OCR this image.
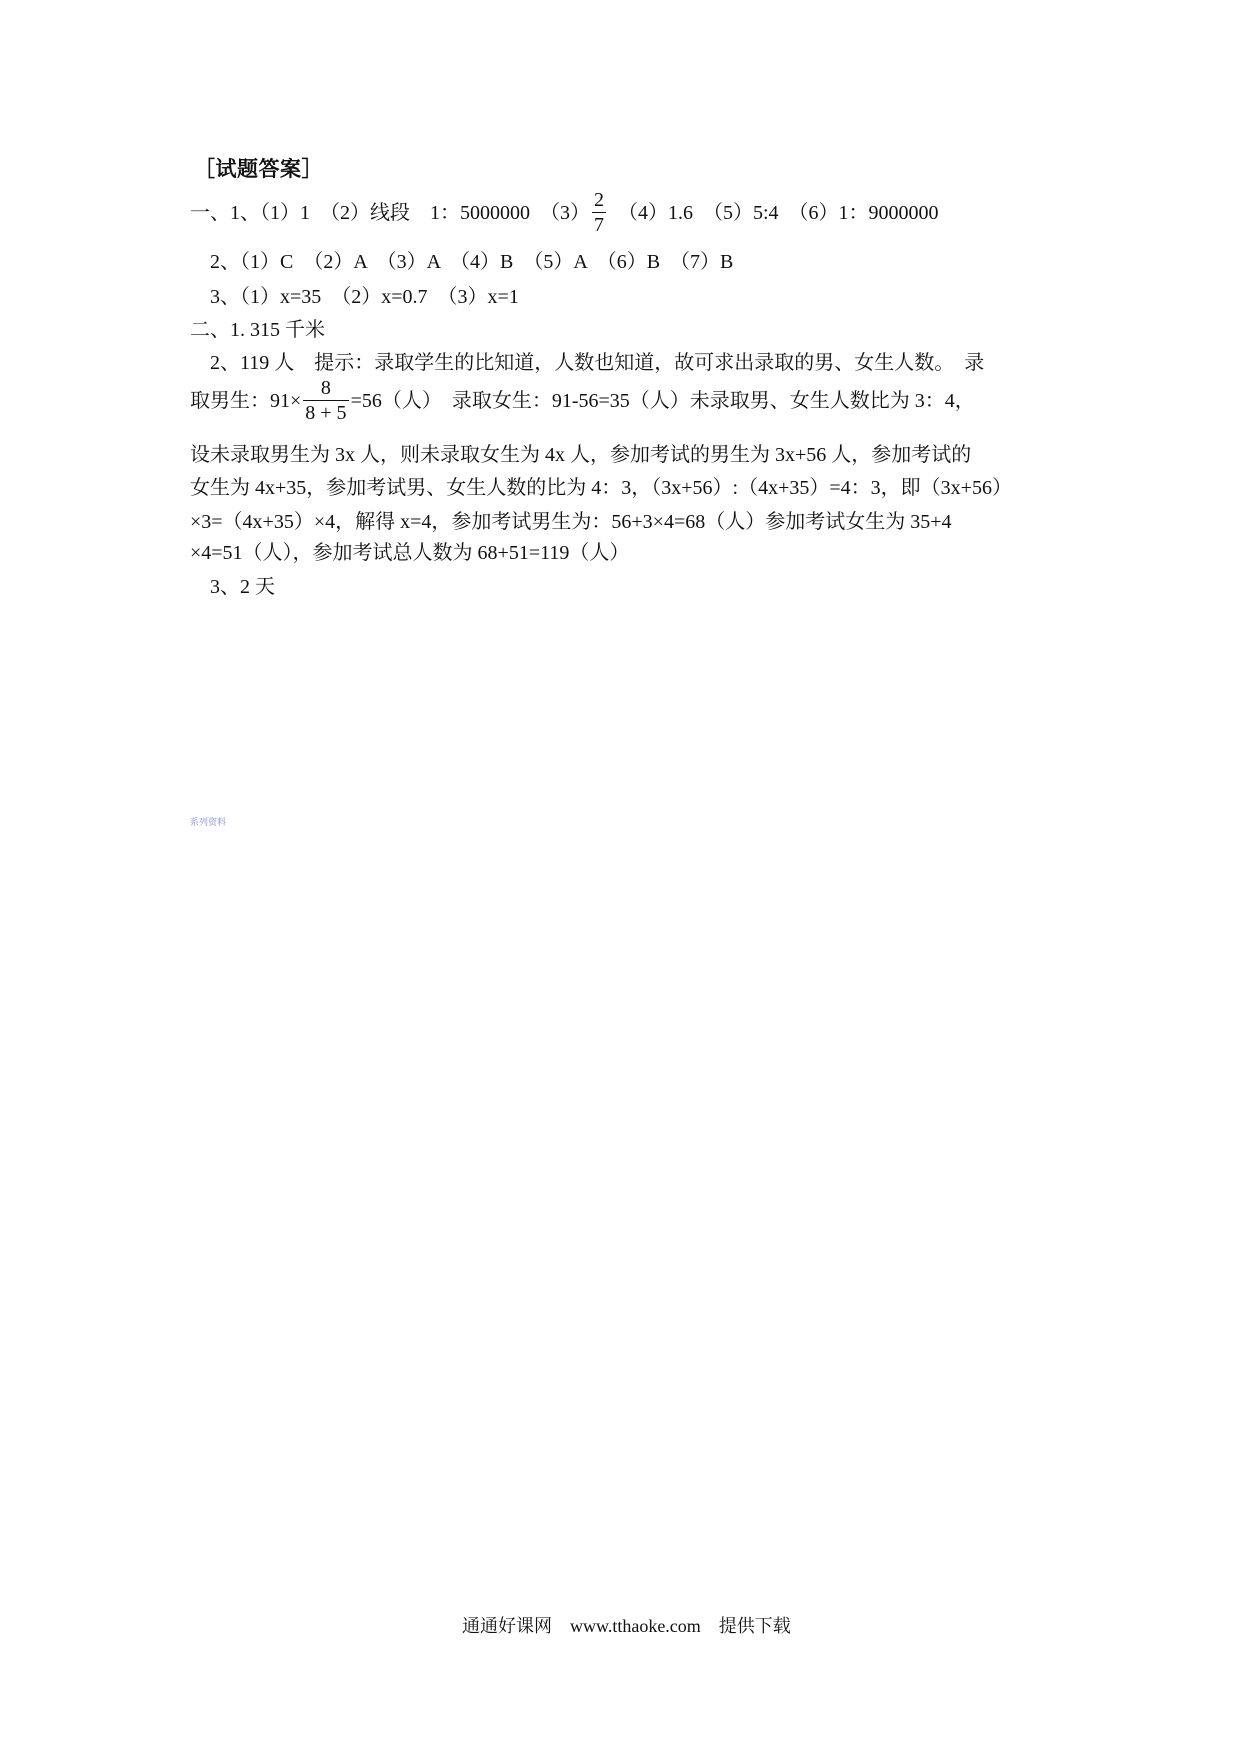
［试题答案］
一、1、（1）1　（2）线段　1：5000000　$(3) \frac{2}{7}$ 　（4）1.6　（5）5:4　（6）1：9000000
2、（1）C　（2）A　（3）A　（4）B　（5）A　（6）B　（7）B
3、（1）x=35　（2）x=0.7　（3）x=1
二、1. 315 千米
2、119 人　提示：录取学生的比知道，人数也知道，故可求出录取的男、女生人数。　录
取男生：$91\times \frac{8}{8 + 5} =56$（人）　录取女生：91-56=35（人）未录取男、女生人数比为 3：4，
设未录取男生为 3x 人，则未录取女生为 4x 人，参加考试的男生为 3x+56 人，参加考试的
女生为 4x+35，参加考试男、女生人数的比为 4：3，（3x+56）:（4x+35）=4：3，即（3x+56）
×3=（4x+35）×4，解得 x=4，参加考试男生为：56+3×4=68（人）参加考试女生为 35+4
×4=51（人），参加考试总人数为 68+51=119（人）
3、2 天
系列资料
通通好课网　www.tthaoke.com　提供下载
